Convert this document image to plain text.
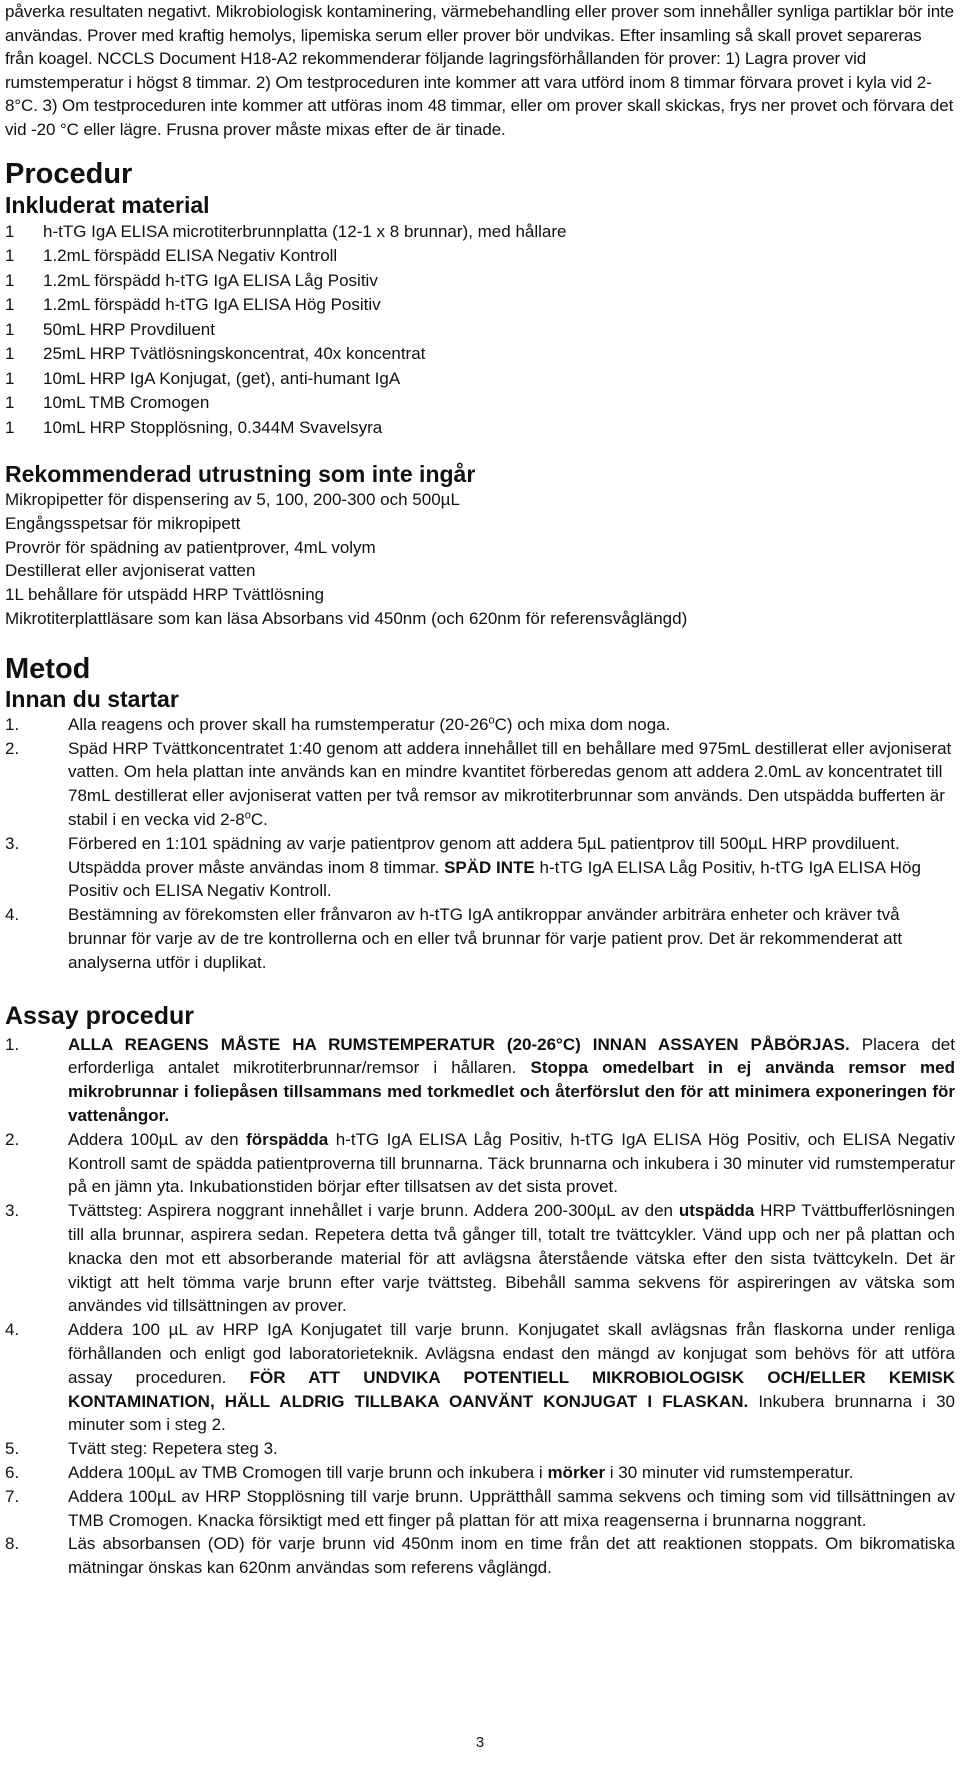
påverka resultaten negativt. Mikrobiologisk kontaminering, värmebehandling eller prover som innehåller synliga partiklar bör inte användas. Prover med kraftig hemolys, lipemiska serum eller prover bör undvikas. Efter insamling så skall provet separeras från koagel. NCCLS Document H18-A2 rekommenderar följande lagringsförhållanden för prover: 1) Lagra prover vid rumstemperatur i högst 8 timmar. 2) Om testproceduren inte kommer att vara utförd inom 8 timmar förvara provet i kyla vid 2-8°C. 3) Om testproceduren inte kommer att utföras inom 48 timmar, eller om prover skall skickas, frys ner provet och förvara det vid -20 °C eller lägre. Frusna prover måste mixas efter de är tinade.

Procedur
Inkluderat material
1	h-tTG IgA ELISA microtiterbrunnplatta (12-1 x 8 brunnar), med hållare
1	1.2mL förspädd ELISA Negativ Kontroll
1	1.2mL förspädd h-tTG IgA ELISA Låg Positiv
1	1.2mL förspädd h-tTG IgA ELISA Hög Positiv
1	50mL HRP Provdiluent
1	25mL HRP Tvätlösningskoncentrat, 40x koncentrat
1	10mL HRP IgA Konjugat, (get), anti-humant IgA
1	10mL TMB Cromogen
1	10mL HRP Stopplösning, 0.344M Svavelsyra
Rekommenderad utrustning som inte ingår
Mikropipetter för dispensering av 5, 100, 200-300 och 500µL
Engångsspetsar för mikropipett
Provrör för spädning av patientprover, 4mL volym
Destillerat eller avjoniserat vatten
1L behållare för utspädd HRP Tvättlösning
Mikrotiterplattläsare som kan läsa Absorbans vid 450nm (och 620nm för referensvåglängd)
Metod
Innan du startar
1.	Alla reagens och prover skall ha rumstemperatur (20-26$^o$C) och mixa dom noga.
2.	Späd HRP Tvättkoncentratet 1:40 genom att addera innehållet till en behållare med 975mL destillerat eller avjoniserat vatten. Om hela plattan inte används kan en mindre kvantitet förberedas genom att addera 2.0mL av koncentratet till 78mL destillerat eller avjoniserat vatten per två remsor av mikrotiterbrunnar som används. Den utspädda bufferten är stabil i en vecka vid 2-8$^o$C.
3.	Förbered en 1:101 spädning av varje patientprov genom att addera 5µL patientprov till 500µL HRP provdiluent. Utspädda prover måste användas inom 8 timmar. SPÄD INTE h-tTG IgA ELISA Låg Positiv, h-tTG IgA ELISA Hög Positiv och ELISA Negativ Kontroll.
4.	Bestämning av förekomsten eller frånvaron av h-tTG IgA antikroppar använder arbiträra enheter och kräver två brunnar för varje av de tre kontrollerna och en eller två brunnar för varje patient prov. Det är rekommenderat att analyserna utför i duplikat.
Assay procedur
1.	ALLA REAGENS MÅSTE HA RUMSTEMPERATUR (20-26°C) INNAN ASSAYEN PÅBÖRJAS. Placera det erforderliga antalet mikrotiterbrunnar/remsor i hållaren. Stoppa omedelbart in ej använda remsor med mikrobrunnar i foliepåsen tillsammans med torkmedlet och återförslut den för att minimera exponeringen för vattenångor.
2.	Addera 100µL av den förspädda h-tTG IgA ELISA Låg Positiv, h-tTG IgA ELISA Hög Positiv, och ELISA Negativ Kontroll samt de spädda patientproverna till brunnarna. Täck brunnarna och inkubera i 30 minuter vid rumstemperatur på en jämn yta. Inkubationstiden börjar efter tillsatsen av det sista provet.
3.	Tvättsteg: Aspirera noggrant innehållet i varje brunn. Addera 200-300µL av den utspädda HRP Tvättbufferlösningen till alla brunnar, aspirera sedan. Repetera detta två gånger till, totalt tre tvättcykler. Vänd upp och ner på plattan och knacka den mot ett absorberande material för att avlägsna återstående vätska efter den sista tvättcykeln. Det är viktigt att helt tömma varje brunn efter varje tvättsteg. Bibehåll samma sekvens för aspireringen av vätska som användes vid tillsättningen av prover.
4.	Addera 100 µL av HRP IgA Konjugatet till varje brunn. Konjugatet skall avlägsnas från flaskorna under renliga förhållanden och enligt god laboratorieteknik. Avlägsna endast den mängd av konjugat som behövs för att utföra assay proceduren. FÖR ATT UNDVIKA POTENTIELL MIKROBIOLOGISK OCH/ELLER KEMISK KONTAMINATION, HÄLL ALDRIG TILLBAKA OANVÄNT KONJUGAT I FLASKAN. Inkubera brunnarna i 30 minuter som i steg 2.
5.	Tvätt steg: Repetera steg 3.
6.	Addera 100µL av TMB Cromogen till varje brunn och inkubera i mörker i 30 minuter vid rumstemperatur.
7.	Addera 100µL av HRP Stopplösning till varje brunn. Upprätthåll samma sekvens och timing som vid tillsättningen av TMB Cromogen. Knacka försiktigt med ett finger på plattan för att mixa reagenserna i brunnarna noggrant.
8.	Läs absorbansen (OD) för varje brunn vid 450nm inom en time från det att reaktionen stoppats. Om bikromatiska mätningar önskas kan 620nm användas som referens våglängd.
3
